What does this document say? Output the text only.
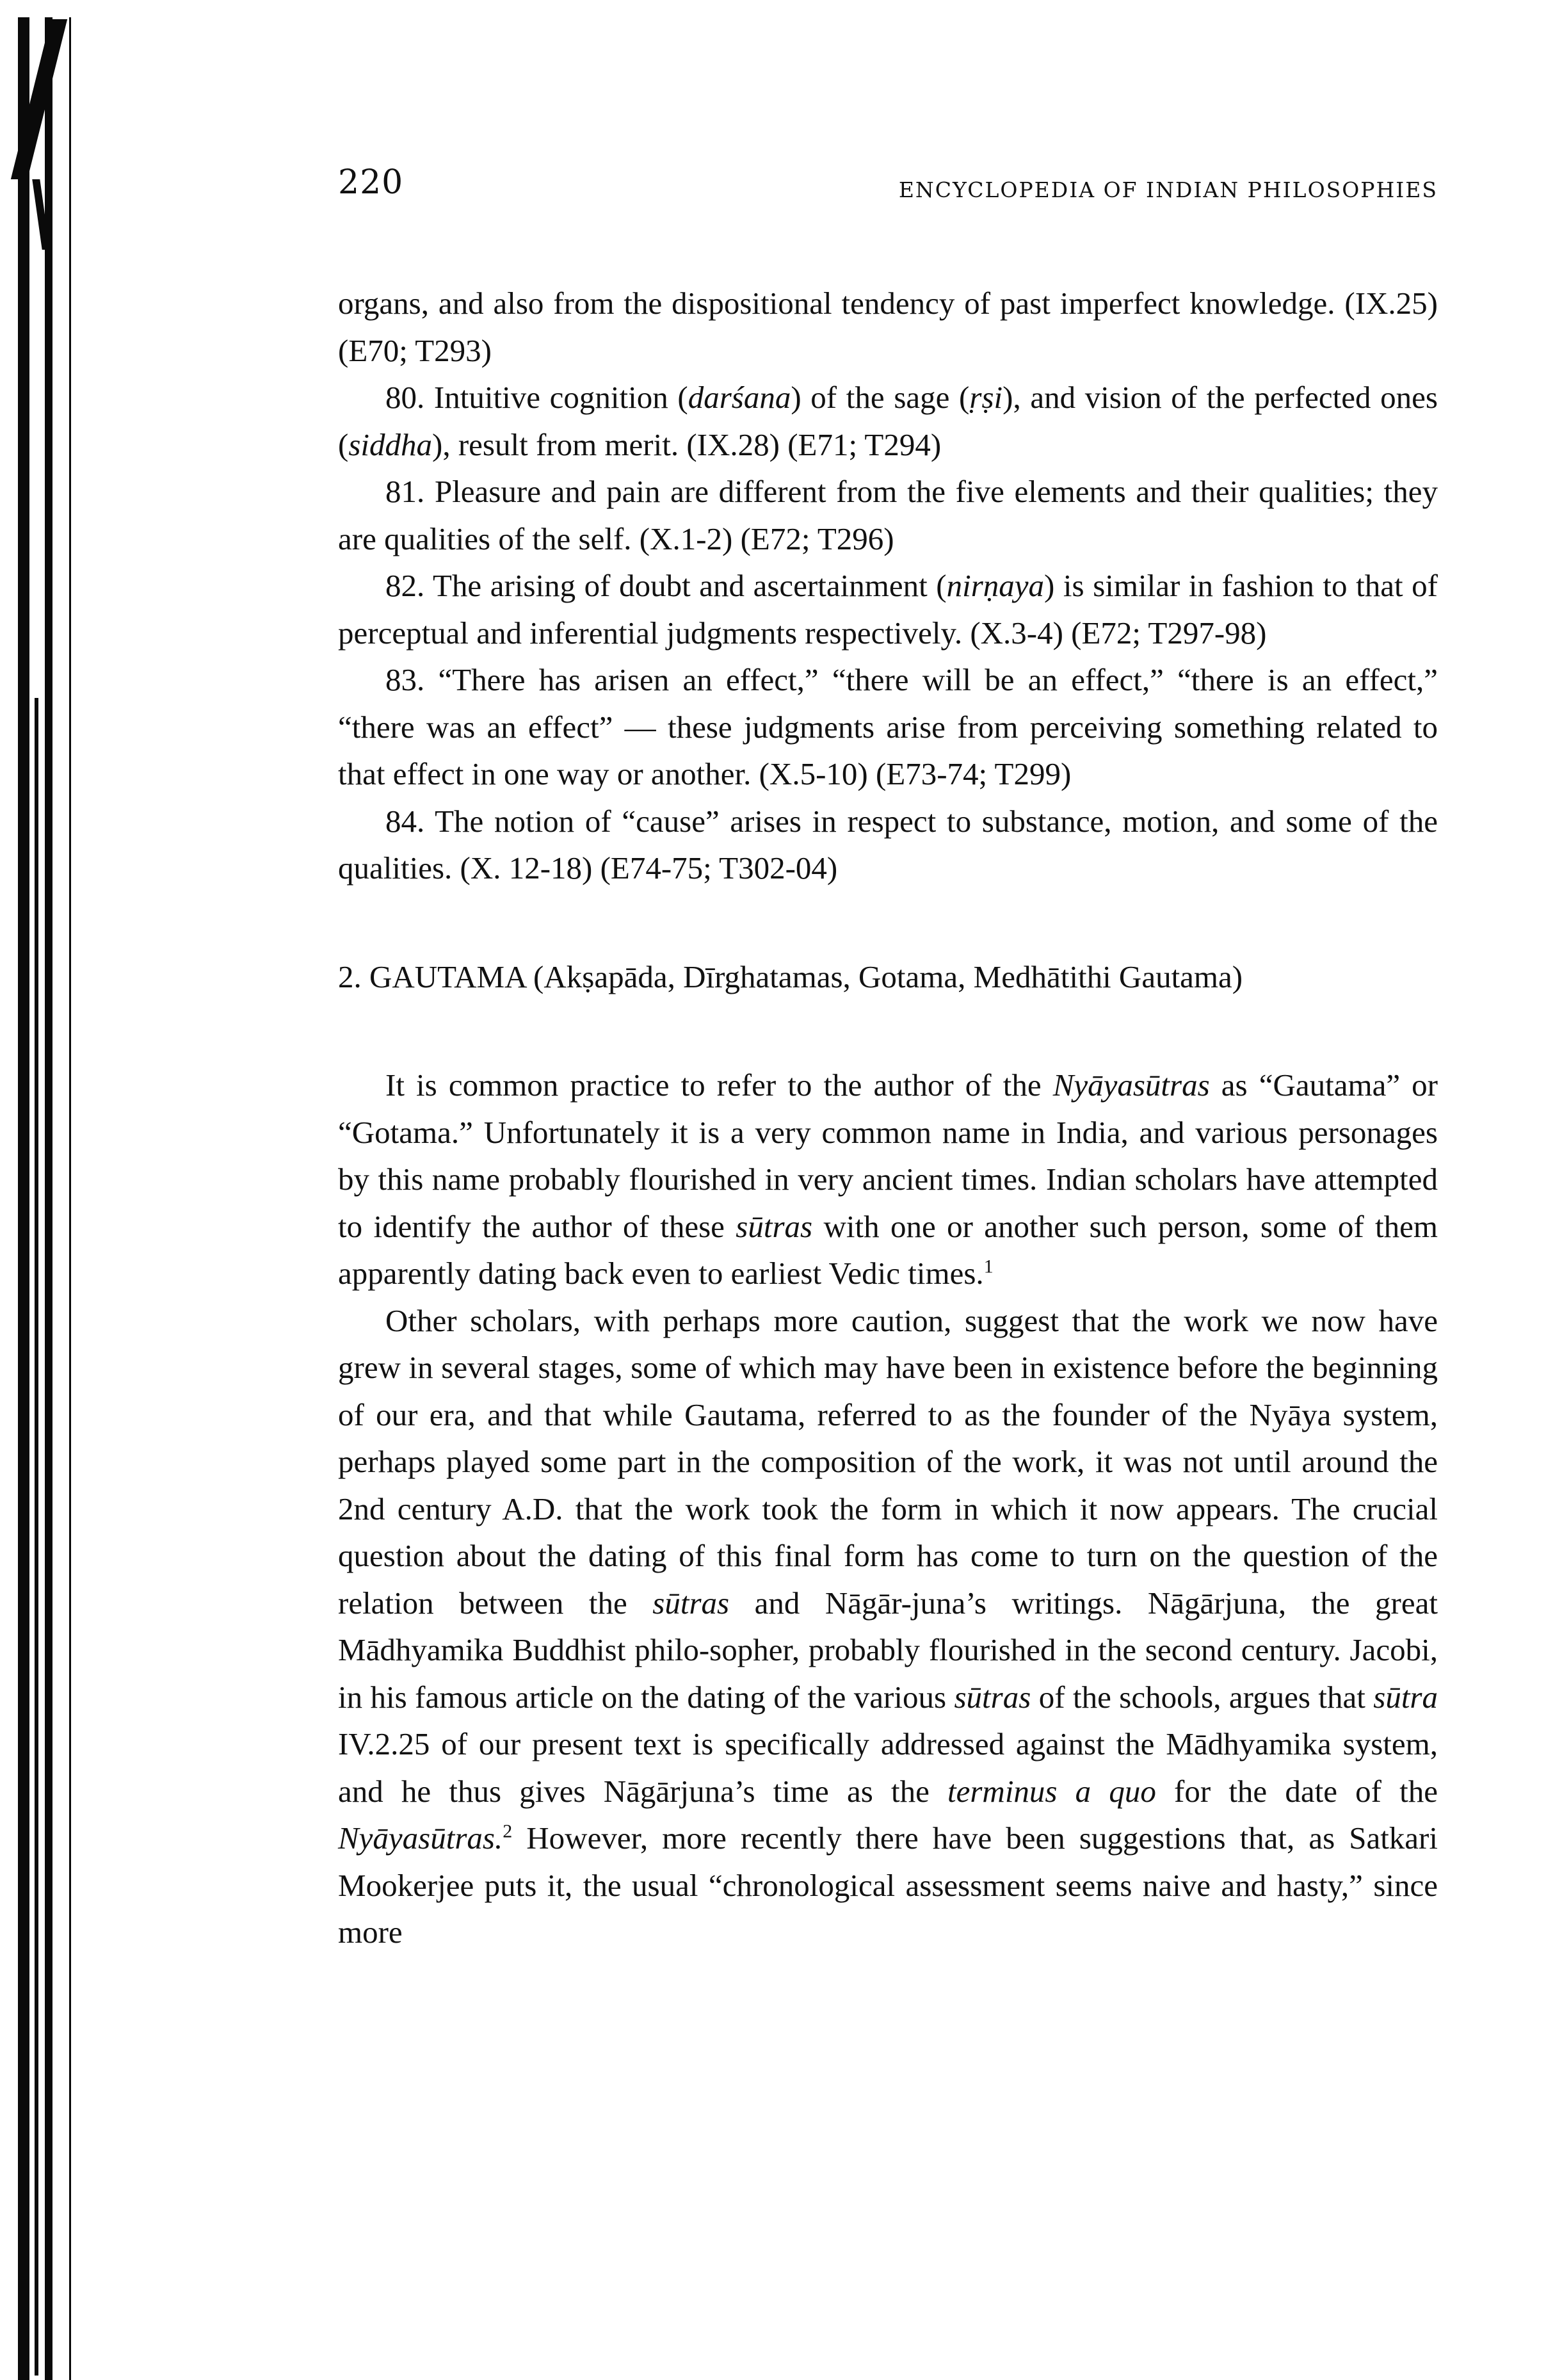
220	ENCYCLOPEDIA OF INDIAN PHILOSOPHIES

organs, and also from the dispositional tendency of past imperfect knowledge. (IX.25) (E70; T293)

80. Intuitive cognition (darśana) of the sage (ṛṣi), and vision of the perfected ones (siddha), result from merit. (IX.28) (E71; T294)

81. Pleasure and pain are different from the five elements and their qualities; they are qualities of the self. (X.1-2) (E72; T296)

82. The arising of doubt and ascertainment (nirṇaya) is similar in fashion to that of perceptual and inferential judgments respectively. (X.3-4) (E72; T297-98)

83. “There has arisen an effect,” “there will be an effect,” “there is an effect,” “there was an effect” — these judgments arise from perceiving something related to that effect in one way or another. (X.5-10) (E73-74; T299)

84. The notion of “cause” arises in respect to substance, motion, and some of the qualities. (X. 12-18) (E74-75; T302-04)

2. GAUTAMA (Akṣapāda, Dīrghatamas, Gotama, Medhātithi Gautama)

It is common practice to refer to the author of the Nyāyasūtras as “Gautama” or “Gotama.” Unfortunately it is a very common name in India, and various personages by this name probably flourished in very ancient times. Indian scholars have attempted to identify the author of these sūtras with one or another such person, some of them apparently dating back even to earliest Vedic times.$^1$

Other scholars, with perhaps more caution, suggest that the work we now have grew in several stages, some of which may have been in existence before the beginning of our era, and that while Gautama, referred to as the founder of the Nyāya system, perhaps played some part in the composition of the work, it was not until around the 2nd century A.D. that the work took the form in which it now appears. The crucial question about the dating of this final form has come to turn on the question of the relation between the sūtras and Nāgār-juna’s writings. Nāgārjuna, the great Mādhyamika Buddhist philo-sopher, probably flourished in the second century. Jacobi, in his famous article on the dating of the various sūtras of the schools, argues that sūtra IV.2.25 of our present text is specifically addressed against the Mādhyamika system, and he thus gives Nāgārjuna’s time as the terminus a quo for the date of the Nyāyasūtras.$^2$ However, more recently there have been suggestions that, as Satkari Mookerjee puts it, the usual “chronological assessment seems naive and hasty,” since more
